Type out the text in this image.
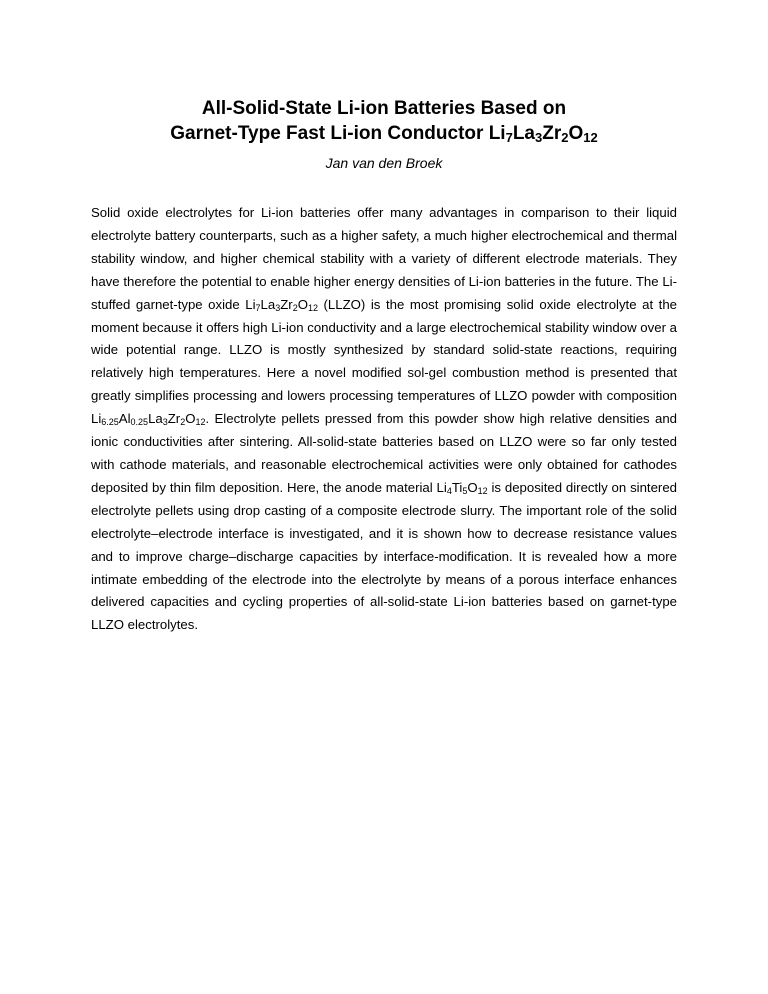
All-Solid-State Li-ion Batteries Based on
Garnet-Type Fast Li-ion Conductor $Li_7La_3Zr_2O_{12}$
Jan van den Broek

Solid oxide electrolytes for Li-ion batteries offer many advantages in comparison to their liquid electrolyte battery counterparts, such as a higher safety, a much higher electrochemical and thermal stability window, and higher chemical stability with a variety of different electrode materials. They have therefore the potential to enable higher energy densities of Li-ion batteries in the future. The Li-stuffed garnet-type oxide $Li_7La_3Zr_2O_{12}$ (LLZO) is the most promising solid oxide electrolyte at the moment because it offers high Li-ion conductivity and a large electrochemical stability window over a wide potential range. LLZO is mostly synthesized by standard solid-state reactions, requiring relatively high temperatures. Here a novel modified sol-gel combustion method is presented that greatly simplifies processing and lowers processing temperatures of LLZO powder with composition $Li_{6.25}Al_{0.25}La_3Zr_2O_{12}$. Electrolyte pellets pressed from this powder show high relative densities and ionic conductivities after sintering. All-solid-state batteries based on LLZO were so far only tested with cathode materials, and reasonable electrochemical activities were only obtained for cathodes deposited by thin film deposition. Here, the anode material $Li_4Ti_5O_{12}$ is deposited directly on sintered electrolyte pellets using drop casting of a composite electrode slurry. The important role of the solid electrolyte–electrode interface is investigated, and it is shown how to decrease resistance values and to improve charge–discharge capacities by interface-modification. It is revealed how a more intimate embedding of the electrode into the electrolyte by means of a porous interface enhances delivered capacities and cycling properties of all-solid-state Li-ion batteries based on garnet-type LLZO electrolytes.
